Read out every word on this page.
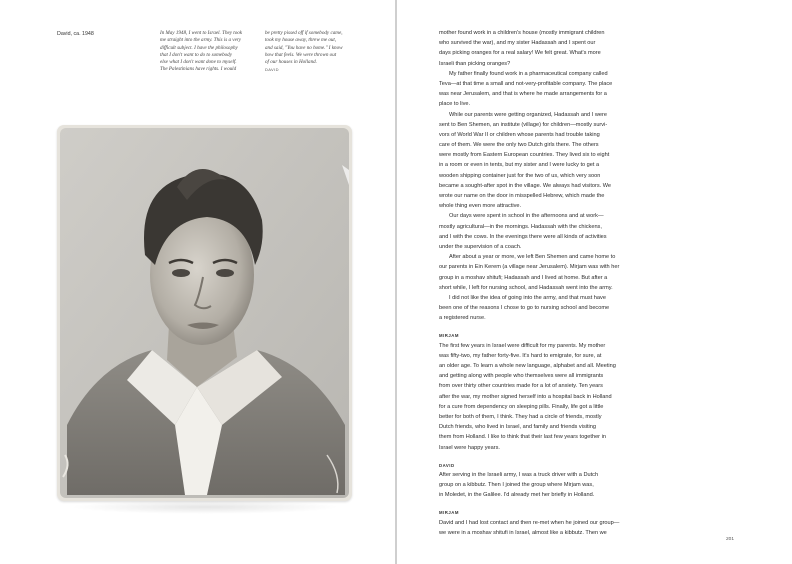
David, ca. 1948	In May 1948, I went to Israel. They took
me straight into the army. This is a very
difficult subject. I have the philosophy
that I don't want to do to somebody
else what I don't want done to myself.
The Palestinians have rights. I would
be pretty pissed off if somebody came,
took my house away, threw me out,
and said, "You have no home." I know
how that feels. We were thrown out
of our houses in Holland.
DAVID
mother found work in a children's house (mostly immigrant children
who survived the war), and my sister Hadassah and I spent our
days picking oranges for a real salary! We felt great. What's more
Israeli than picking oranges?
My father finally found work in a pharmaceutical company called
Teva—at that time a small and not-very-profitable company. The place
was near Jerusalem, and that is where he made arrangements for a
place to live.
While our parents were getting organized, Hadassah and I were
sent to Ben Shemen, an institute (village) for children—mostly survi-
vors of World War II or children whose parents had trouble taking
care of them. We were the only two Dutch girls there. The others
were mostly from Eastern European countries. They lived six to eight
in a room or even in tents, but my sister and I were lucky to get a
wooden shipping container just for the two of us, which very soon
became a sought-after spot in the village. We always had visitors. We
wrote our name on the door in misspelled Hebrew, which made the
whole thing even more attractive.
Our days were spent in school in the afternoons and at work—
mostly agricultural—in the mornings. Hadassah with the chickens,
and I with the cows. In the evenings there were all kinds of activities
under the supervision of a coach.
After about a year or more, we left Ben Shemen and came home to
our parents in Ein Kerem (a village near Jerusalem). Mirjam was with her
group in a moshav shitufi; Hadassah and I lived at home. But after a
short while, I left for nursing school, and Hadassah went into the army.
I did not like the idea of going into the army, and that must have
been one of the reasons I chose to go to nursing school and become
a registered nurse.
MIRJAM
The first few years in Israel were difficult for my parents. My mother
was fifty-two, my father forty-five. It's hard to emigrate, for sure, at
an older age. To learn a whole new language, alphabet and all. Meeting
and getting along with people who themselves were all immigrants
from over thirty other countries made for a lot of anxiety. Ten years
after the war, my mother signed herself into a hospital back in Holland
for a cure from dependency on sleeping pills. Finally, life got a little
better for both of them, I think. They had a circle of friends, mostly
Dutch friends, who lived in Israel, and family and friends visiting
them from Holland. I like to think that their last few years together in
Israel were happy years.
DAVID
After serving in the Israeli army, I was a truck driver with a Dutch
group on a kibbutz. Then I joined the group where Mirjam was,
in Moledet, in the Galilee. I'd already met her briefly in Holland.
MIRJAM
David and I had lost contact and then re-met when he joined our group—
we were in a moshav shitufi in Israel, almost like a kibbutz. Then we
201
